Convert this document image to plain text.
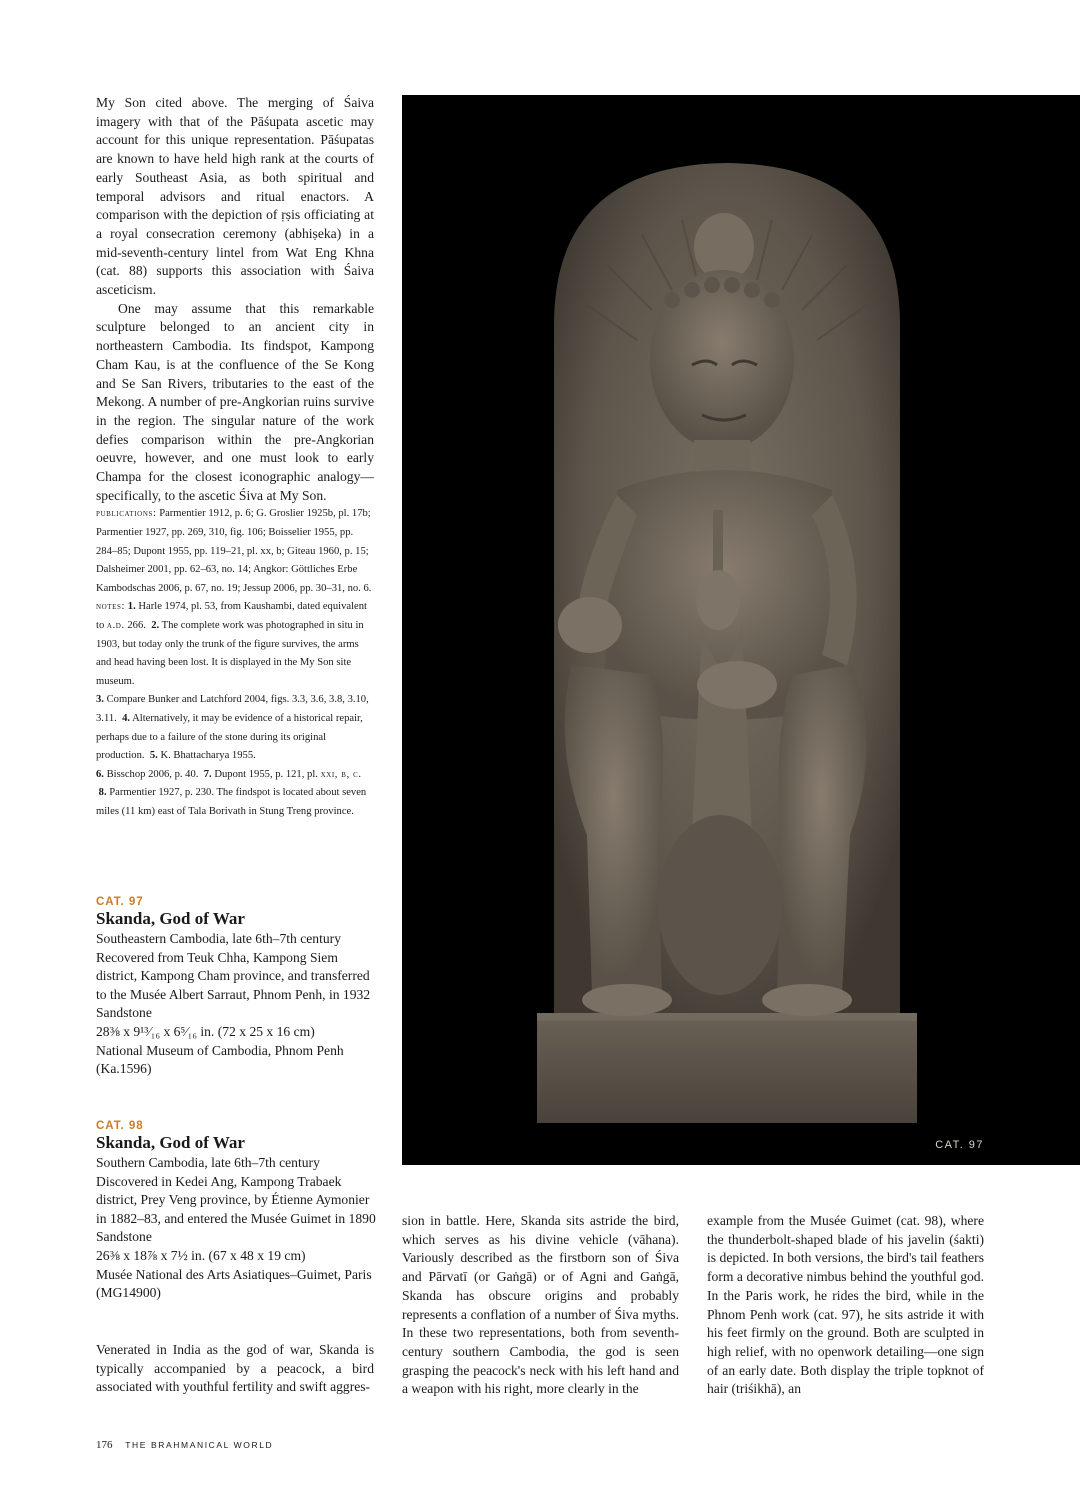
My Son cited above. The merging of Śaiva imagery with that of the Pāśupata ascetic may account for this unique representation. Pāśupatas are known to have held high rank at the courts of early Southeast Asia, as both spiritual and temporal advisors and ritual enactors. A comparison with the depiction of ṛṣis officiating at a royal consecration ceremony (abhiṣeka) in a mid-seventh-century lintel from Wat Eng Khna (cat. 88) supports this association with Śaiva asceticism.

One may assume that this remarkable sculpture belonged to an ancient city in northeastern Cambodia. Its findspot, Kampong Cham Kau, is at the confluence of the Se Kong and Se San Rivers, tributaries to the east of the Mekong. A number of pre-Angkorian ruins survive in the region. The singular nature of the work defies comparison within the pre-Angkorian oeuvre, however, and one must look to early Champa for the closest iconographic analogy—specifically, to the ascetic Śiva at My Son.

publications: Parmentier 1912, p. 6; G. Groslier 1925b, pl. 17b; Parmentier 1927, pp. 269, 310, fig. 106; Boisselier 1955, pp. 284–85; Dupont 1955, pp. 119–21, pl. xx, b; Giteau 1960, p. 15; Dalsheimer 2001, pp. 62–63, no. 14; Angkor: Göttliches Erbe Kambodschas 2006, p. 67, no. 19; Jessup 2006, pp. 30–31, no. 6.

notes: 1. Harle 1974, pl. 53, from Kaushambi, dated equivalent to a.d. 266.  2. The complete work was photographed in situ in 1903, but today only the trunk of the figure survives, the arms and head having been lost. It is displayed in the My Son site museum.
3. Compare Bunker and Latchford 2004, figs. 3.3, 3.6, 3.8, 3.10, 3.11.  4. Alternatively, it may be evidence of a historical repair, perhaps due to a failure of the stone during its original production.  5. K. Bhattacharya 1955.
6. Bisschop 2006, p. 40.  7. Dupont 1955, p. 121, pl. xxi, b, c.  8. Parmentier 1927, p. 230. The findspot is located about seven miles (11 km) east of Tala Borivath in Stung Treng province.

CAT. 97
Skanda, God of War
Southeastern Cambodia, late 6th–7th century
Recovered from Teuk Chha, Kampong Siem district, Kampong Cham province, and transferred to the Musée Albert Sarraut, Phnom Penh, in 1932
Sandstone
28⅜ x 9¹³⁄₁₆ x 6⁵⁄₁₆ in. (72 x 25 x 16 cm)
National Museum of Cambodia, Phnom Penh (Ka.1596)
CAT. 98
Skanda, God of War
Southern Cambodia, late 6th–7th century
Discovered in Kedei Ang, Kampong Trabaek district, Prey Veng province, by Étienne Aymonier in 1882–83, and entered the Musée Guimet in 1890
Sandstone
26⅜ x 18⅞ x 7½ in. (67 x 48 x 19 cm)
Musée National des Arts Asiatiques–Guimet, Paris (MG14900)

Venerated in India as the god of war, Skanda is typically accompanied by a peacock, a bird associated with youthful fertility and swift aggres-

CAT. 97

sion in battle. Here, Skanda sits astride the bird, which serves as his divine vehicle (vāhana). Variously described as the firstborn son of Śiva and Pārvatī (or Gaṅgā) or of Agni and Gaṅgā, Skanda has obscure origins and probably represents a conflation of a number of Śiva myths. In these two representations, both from seventh-century southern Cambodia, the god is seen grasping the peacock's neck with his left hand and a weapon with his right, more clearly in the

example from the Musée Guimet (cat. 98), where the thunderbolt-shaped blade of his javelin (śakti) is depicted. In both versions, the bird's tail feathers form a decorative nimbus behind the youthful god. In the Paris work, he rides the bird, while in the Phnom Penh work (cat. 97), he sits astride it with his feet firmly on the ground. Both are sculpted in high relief, with no openwork detailing—one sign of an early date. Both display the triple topknot of hair (triśikhā), an

176 THE BRAHMANICAL WORLD
